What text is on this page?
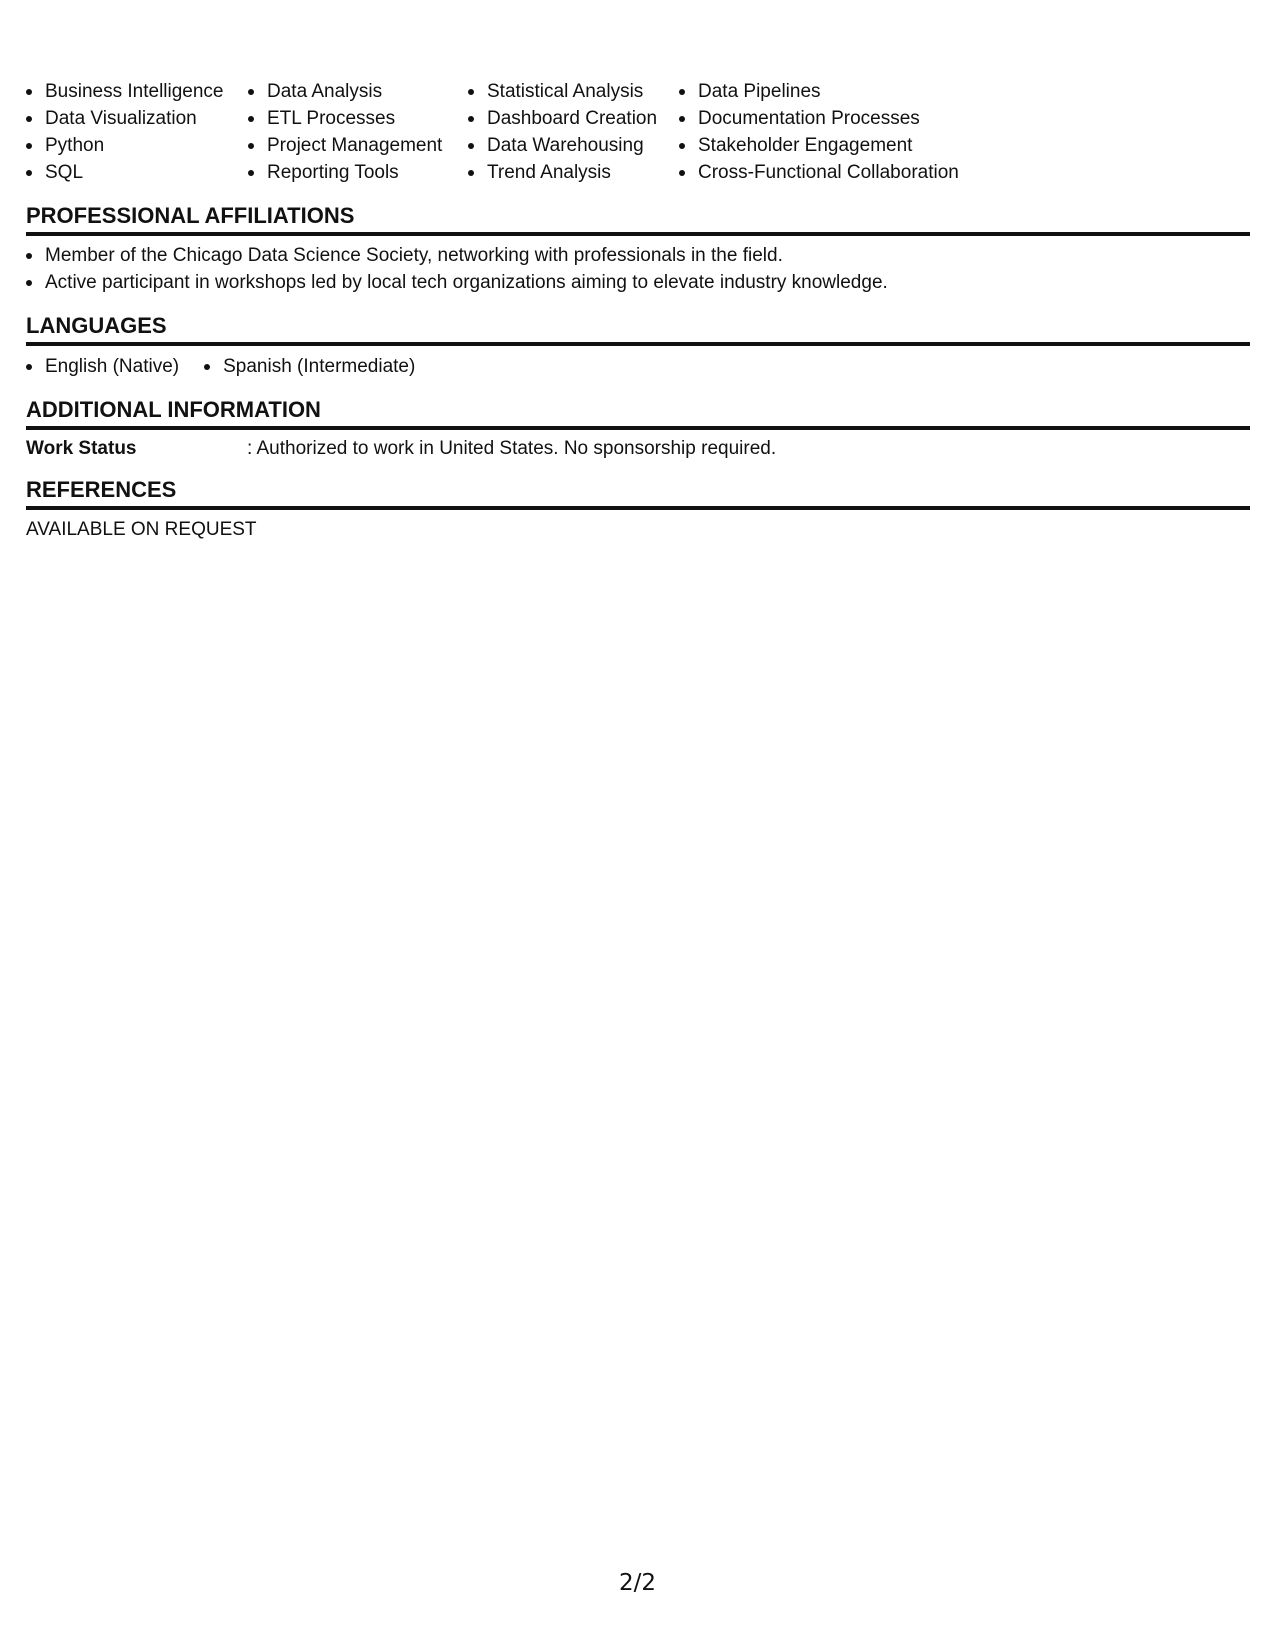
Business Intelligence
Data Visualization
Python
SQL
Data Analysis
ETL Processes
Project Management
Reporting Tools
Statistical Analysis
Dashboard Creation
Data Warehousing
Trend Analysis
Data Pipelines
Documentation Processes
Stakeholder Engagement
Cross-Functional Collaboration
PROFESSIONAL AFFILIATIONS
Member of the Chicago Data Science Society, networking with professionals in the field.
Active participant in workshops led by local tech organizations aiming to elevate industry knowledge.
LANGUAGES
English (Native)	Spanish (Intermediate)
ADDITIONAL INFORMATION
Work Status	: Authorized to work in United States. No sponsorship required.
REFERENCES
AVAILABLE ON REQUEST
2/2
